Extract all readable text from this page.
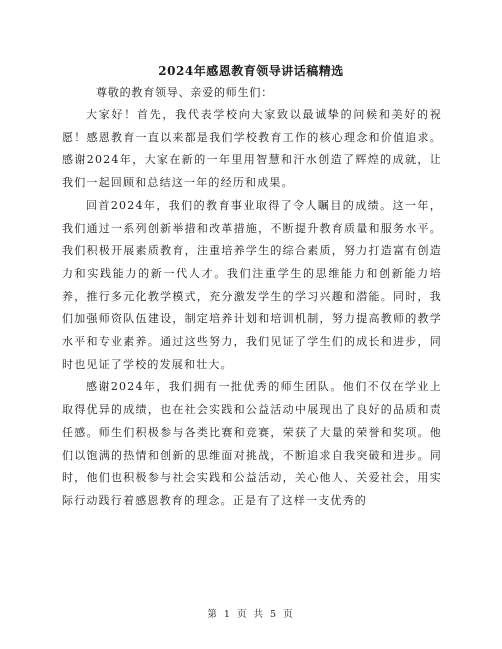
2024年感恩教育领导讲话稿精选

尊敬的教育领导、亲爱的师生们：

大家好！首先，我代表学校向大家致以最诚挚的问候和美好的祝愿！感恩教育一直以来都是我们学校教育工作的核心理念和价值追求。感谢2024年，大家在新的一年里用智慧和汗水创造了辉煌的成就，让我们一起回顾和总结这一年的经历和成果。

回首2024年，我们的教育事业取得了令人瞩目的成绩。这一年，我们通过一系列创新举措和改革措施，不断提升教育质量和服务水平。我们积极开展素质教育，注重培养学生的综合素质，努力打造富有创造力和实践能力的新一代人才。我们注重学生的思维能力和创新能力培养，推行多元化教学模式，充分激发学生的学习兴趣和潜能。同时，我们加强师资队伍建设，制定培养计划和培训机制，努力提高教师的教学水平和专业素养。通过这些努力，我们见证了学生们的成长和进步，同时也见证了学校的发展和壮大。

感谢2024年，我们拥有一批优秀的师生团队。他们不仅在学业上取得优异的成绩，也在社会实践和公益活动中展现出了良好的品质和责任感。师生们积极参与各类比赛和竞赛，荣获了大量的荣誉和奖项。他们以饱满的热情和创新的思维面对挑战，不断追求自我突破和进步。同时，他们也积极参与社会实践和公益活动，关心他人、关爱社会，用实际行动践行着感恩教育的理念。正是有了这样一支优秀的

第 1 页 共 5 页
